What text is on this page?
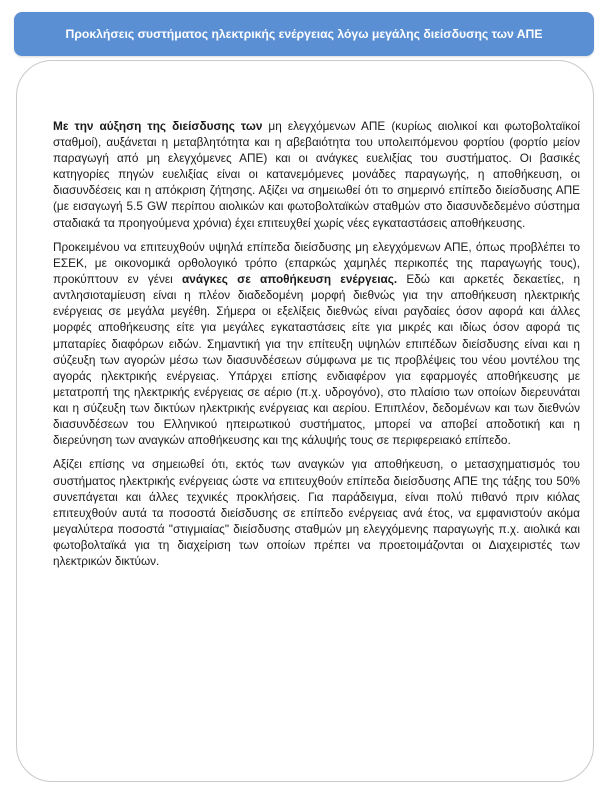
Προκλήσεις συστήματος ηλεκτρικής ενέργειας λόγω μεγάλης διείσδυσης των ΑΠΕ

Με την αύξηση της διείσδυσης των μη ελεγχόμενων ΑΠΕ (κυρίως αιολικοί και φωτοβολταϊκοί σταθμοί), αυξάνεται η μεταβλητότητα και η αβεβαιότητα του υπολειπόμενου φορτίου (φορτίο μείον παραγωγή από μη ελεγχόμενες ΑΠΕ) και οι ανάγκες ευελιξίας του συστήματος. Οι βασικές κατηγορίες πηγών ευελιξίας είναι οι κατανεμόμενες μονάδες παραγωγής, η αποθήκευση, οι διασυνδέσεις και η απόκριση ζήτησης. Αξίζει να σημειωθεί ότι το σημερινό επίπεδο διείσδυσης ΑΠΕ (με εισαγωγή 5.5 GW περίπου αιολικών και φωτοβολταϊκών σταθμών στο διασυνδεδεμένο σύστημα σταδιακά τα προηγούμενα χρόνια) έχει επιτευχθεί χωρίς νέες εγκαταστάσεις αποθήκευσης.

Προκειμένου να επιτευχθούν υψηλά επίπεδα διείσδυσης μη ελεγχόμενων ΑΠΕ, όπως προβλέπει το ΕΣΕΚ, με οικονομικά ορθολογικό τρόπο (επαρκώς χαμηλές περικοπές της παραγωγής τους), προκύπτουν εν γένει ανάγκες σε αποθήκευση ενέργειας. Εδώ και αρκετές δεκαετίες, η αντλησιοταμίευση είναι η πλέον διαδεδομένη μορφή διεθνώς για την αποθήκευση ηλεκτρικής ενέργειας σε μεγάλα μεγέθη. Σήμερα οι εξελίξεις διεθνώς είναι ραγδαίες όσον αφορά και άλλες μορφές αποθήκευσης είτε για μεγάλες εγκαταστάσεις είτε για μικρές και ιδίως όσον αφορά τις μπαταρίες διαφόρων ειδών. Σημαντική για την επίτευξη υψηλών επιπέδων διείσδυσης είναι και η σύζευξη των αγορών μέσω των διασυνδέσεων σύμφωνα με τις προβλέψεις του νέου μοντέλου της αγοράς ηλεκτρικής ενέργειας. Υπάρχει επίσης ενδιαφέρον για εφαρμογές αποθήκευσης με μετατροπή της ηλεκτρικής ενέργειας σε αέριο (π.χ. υδρογόνο), στο πλαίσιο των οποίων διερευνάται και η σύζευξη των δικτύων ηλεκτρικής ενέργειας και αερίου. Επιπλέον, δεδομένων και των διεθνών διασυνδέσεων του Ελληνικού ηπειρωτικού συστήματος, μπορεί να αποβεί αποδοτική και η διερεύνηση των αναγκών αποθήκευσης και της κάλυψής τους σε περιφερειακό επίπεδο.

Αξίζει επίσης να σημειωθεί ότι, εκτός των αναγκών για αποθήκευση, ο μετασχηματισμός του συστήματος ηλεκτρικής ενέργειας ώστε να επιτευχθούν επίπεδα διείσδυσης ΑΠΕ της τάξης του 50% συνεπάγεται και άλλες τεχνικές προκλήσεις. Για παράδειγμα, είναι πολύ πιθανό πριν κιόλας επιτευχθούν αυτά τα ποσοστά διείσδυσης σε επίπεδο ενέργειας ανά έτος, να εμφανιστούν ακόμα μεγαλύτερα ποσοστά "στιγμιαίας" διείσδυσης σταθμών μη ελεγχόμενης παραγωγής π.χ. αιολικά και φωτοβολταϊκά για τη διαχείριση των οποίων πρέπει να προετοιμάζονται οι Διαχειριστές των ηλεκτρικών δικτύων.
